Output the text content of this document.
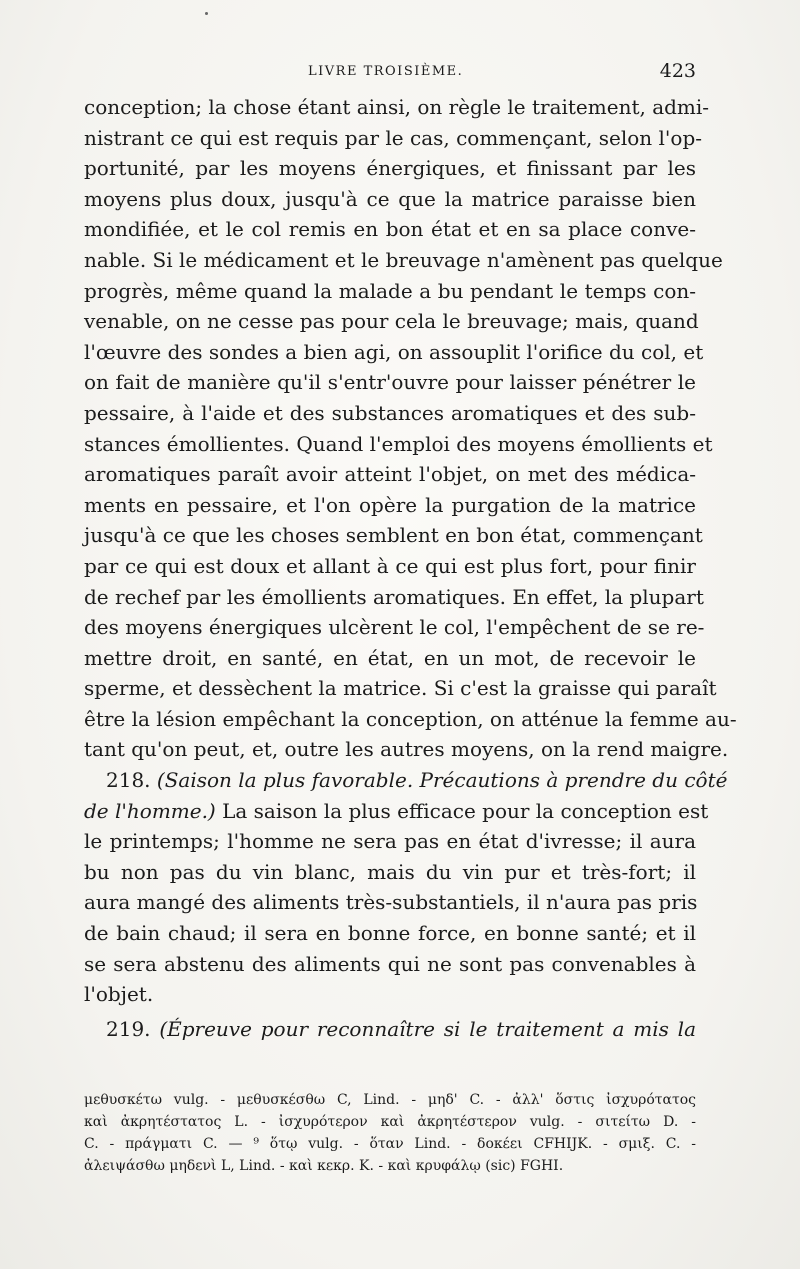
LIVRE TROISIÈME.	423
conception; la chose étant ainsi, on règle le traitement, admi-
nistrant ce qui est requis par le cas, commençant, selon l'op-
portunité, par les moyens énergiques, et finissant par les
moyens plus doux, jusqu'à ce que la matrice paraisse bien
mondifiée, et le col remis en bon état et en sa place conve-
nable. Si le médicament et le breuvage n'amènent pas quelque
progrès, même quand la malade a bu pendant le temps con-
venable, on ne cesse pas pour cela le breuvage; mais, quand
l'œuvre des sondes a bien agi, on assouplit l'orifice du col, et
on fait de manière qu'il s'entr'ouvre pour laisser pénétrer le
pessaire, à l'aide et des substances aromatiques et des sub-
stances émollientes. Quand l'emploi des moyens émollients et
aromatiques paraît avoir atteint l'objet, on met des médica-
ments en pessaire, et l'on opère la purgation de la matrice
jusqu'à ce que les choses semblent en bon état, commençant
par ce qui est doux et allant à ce qui est plus fort, pour finir
de rechef par les émollients aromatiques. En effet, la plupart
des moyens énergiques ulcèrent le col, l'empêchent de se re-
mettre droit, en santé, en état, en un mot, de recevoir le
sperme, et dessèchent la matrice. Si c'est la graisse qui paraît
être la lésion empêchant la conception, on atténue la femme au-
tant qu'on peut, et, outre les autres moyens, on la rend maigre.
218. (Saison la plus favorable. Précautions à prendre du côté
de l'homme.) La saison la plus efficace pour la conception est
le printemps; l'homme ne sera pas en état d'ivresse; il aura
bu non pas du vin blanc, mais du vin pur et très-fort; il
aura mangé des aliments très-substantiels, il n'aura pas pris
de bain chaud; il sera en bonne force, en bonne santé; et il
se sera abstenu des aliments qui ne sont pas convenables à
l'objet.
219. (Épreuve pour reconnaître si le traitement a mis la
μεθυσκέτω vulg. - μεθυσκέσθω C, Lind. - μηδ' C. - ἀλλ' ὅστις ἰσχυρότατος
καὶ ἀκρητέστατος L. - ἰσχυρότερον καὶ ἀκρητέστερον vulg. - σιτείτω D. -
C. - πράγματι C. — ⁹ ὅτῳ vulg. - ὅταν Lind. - δοκέει CFHIJK. - σμιξ. C. -
ἀλειψάσθω μηδενὶ L, Lind. - καὶ κεκρ. K. - καὶ κρυφάλῳ (sic) FGHI.
